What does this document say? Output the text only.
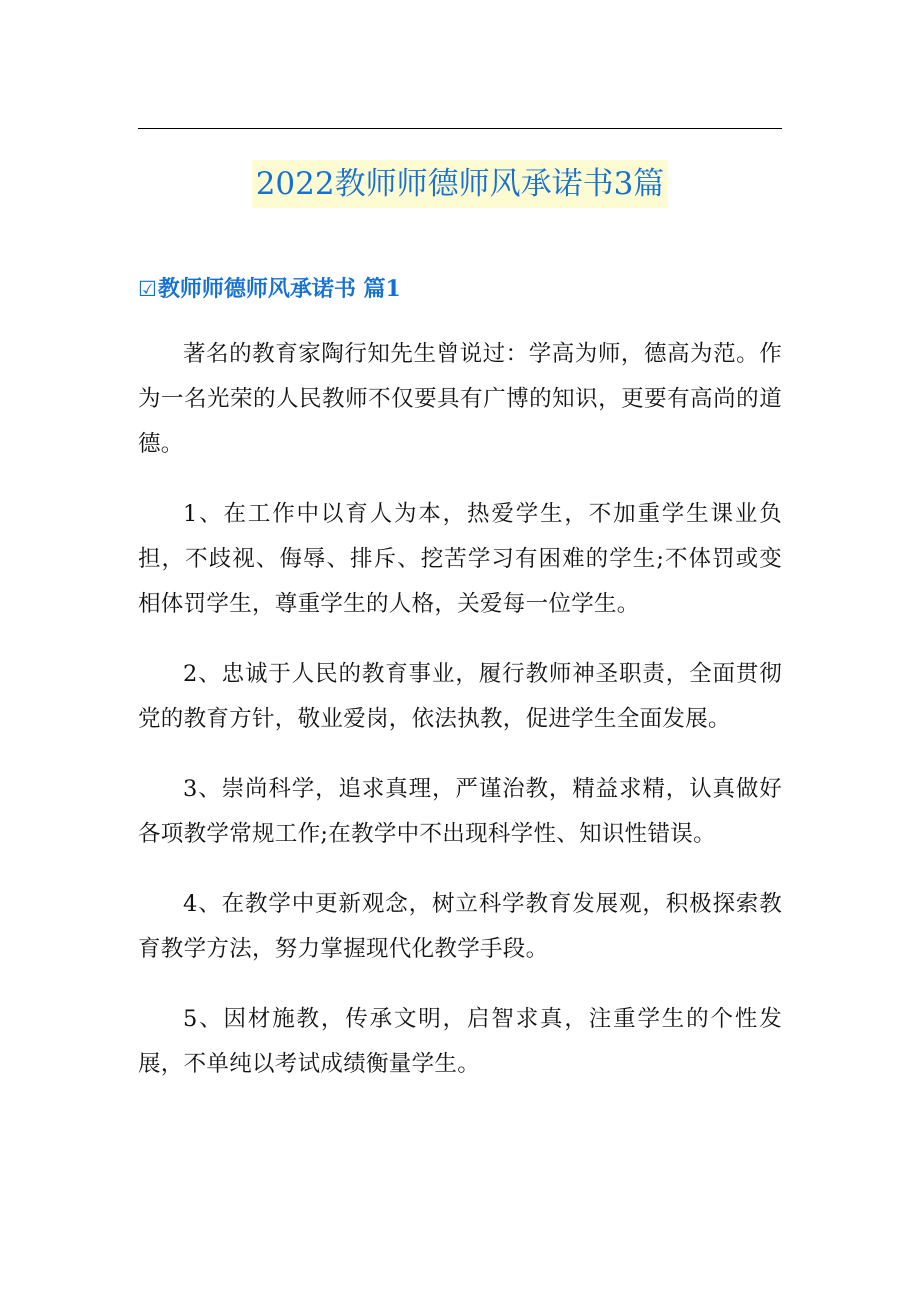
2022教师师德师风承诺书3篇
☑教师师德师风承诺书 篇1

著名的教育家陶行知先生曾说过：学高为师，德高为范。作为一名光荣的人民教师不仅要具有广博的知识，更要有高尚的道德。

1、在工作中以育人为本，热爱学生，不加重学生课业负担，不歧视、侮辱、排斥、挖苦学习有困难的学生;不体罚或变相体罚学生，尊重学生的人格，关爱每一位学生。

2、忠诚于人民的教育事业，履行教师神圣职责，全面贯彻党的教育方针，敬业爱岗，依法执教，促进学生全面发展。

3、崇尚科学，追求真理，严谨治教，精益求精，认真做好各项教学常规工作;在教学中不出现科学性、知识性错误。

4、在教学中更新观念，树立科学教育发展观，积极探索教育教学方法，努力掌握现代化教学手段。

5、因材施教，传承文明，启智求真，注重学生的个性发展，不单纯以考试成绩衡量学生。
